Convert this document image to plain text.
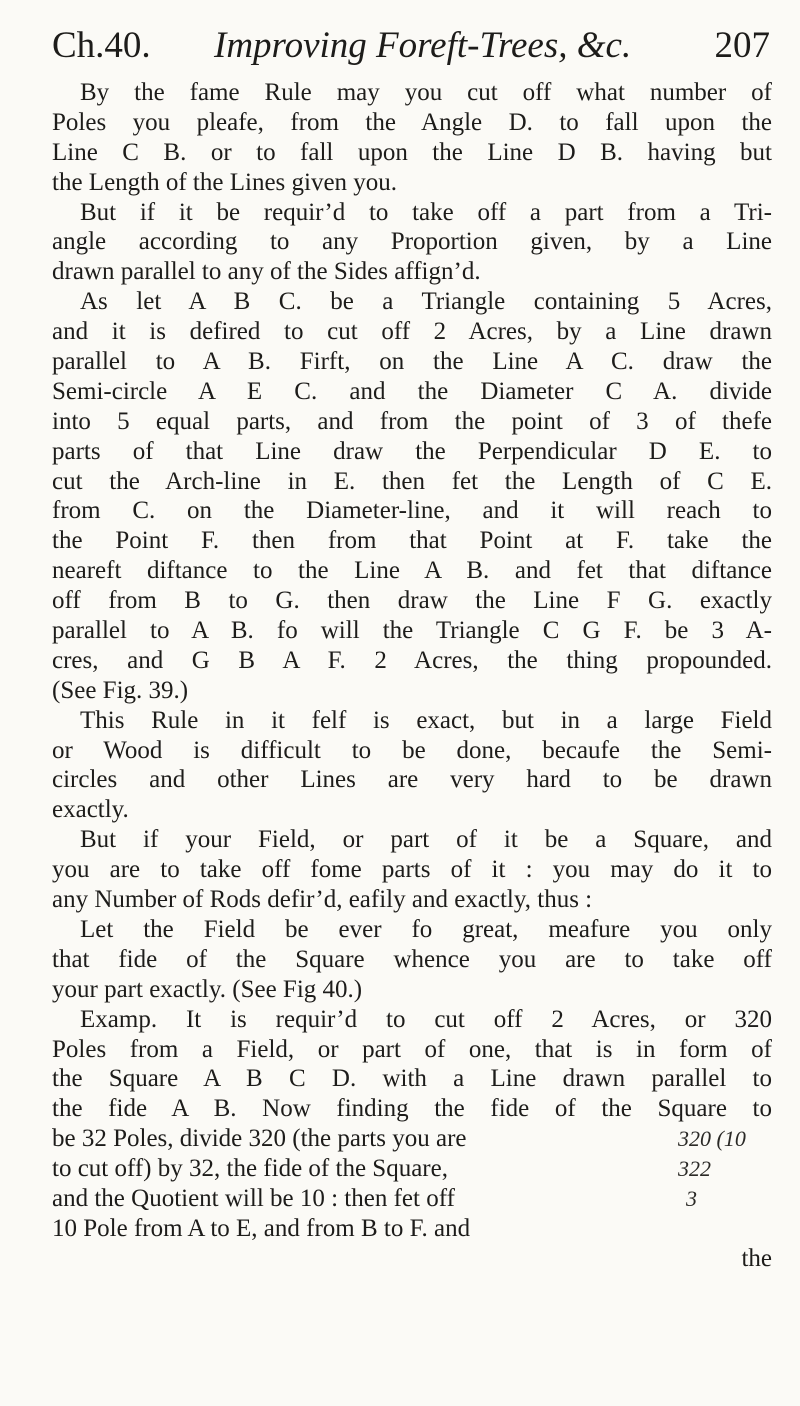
Ch.40. Improving Foreft-Trees, &c. 207
By the fame Rule may you cut off what number of
Poles you pleafe, from the Angle D. to fall upon the
Line C B. or to fall upon the Line D B. having but
the Length of the Lines given you.
But if it be requir’d to take off a part from a Tri-
angle according to any Proportion given, by a Line
drawn parallel to any of the Sides affign’d.
As let A B C. be a Triangle containing 5 Acres,
and it is defired to cut off 2 Acres, by a Line drawn
parallel to A B. Firft, on the Line A C. draw the
Semi-circle A E C. and the Diameter C A. divide
into 5 equal parts, and from the point of 3 of thefe
parts of that Line draw the Perpendicular D E. to
cut the Arch-line in E. then fet the Length of C E.
from C. on the Diameter-line, and it will reach to
the Point F. then from that Point at F. take the
neareft diftance to the Line A B. and fet that diftance
off from B to G. then draw the Line F G. exactly
parallel to A B. fo will the Triangle C G F. be 3 A-
cres, and G B A F. 2 Acres, the thing propounded.
(See Fig. 39.)
This Rule in it felf is exact, but in a large Field
or Wood is difficult to be done, becaufe the Semi-
circles and other Lines are very hard to be drawn
exactly.
But if your Field, or part of it be a Square, and
you are to take off fome parts of it : you may do it to
any Number of Rods defir’d, eafily and exactly, thus :
Let the Field be ever fo great, meafure you only
that fide of the Square whence you are to take off
your part exactly. (See Fig 40.)
Examp. It is requir’d to cut off 2 Acres, or 320
Poles from a Field, or part of one, that is in form of
the Square A B C D. with a Line drawn parallel to
the fide A B. Now finding the fide of the Square to
be 32 Poles, divide 320 (the parts you are	320 (10
to cut off) by 32, the fide of the Square,	322
and the Quotient will be 10 : then fet off	3
10 Pole from A to E, and from B to F. and
the
